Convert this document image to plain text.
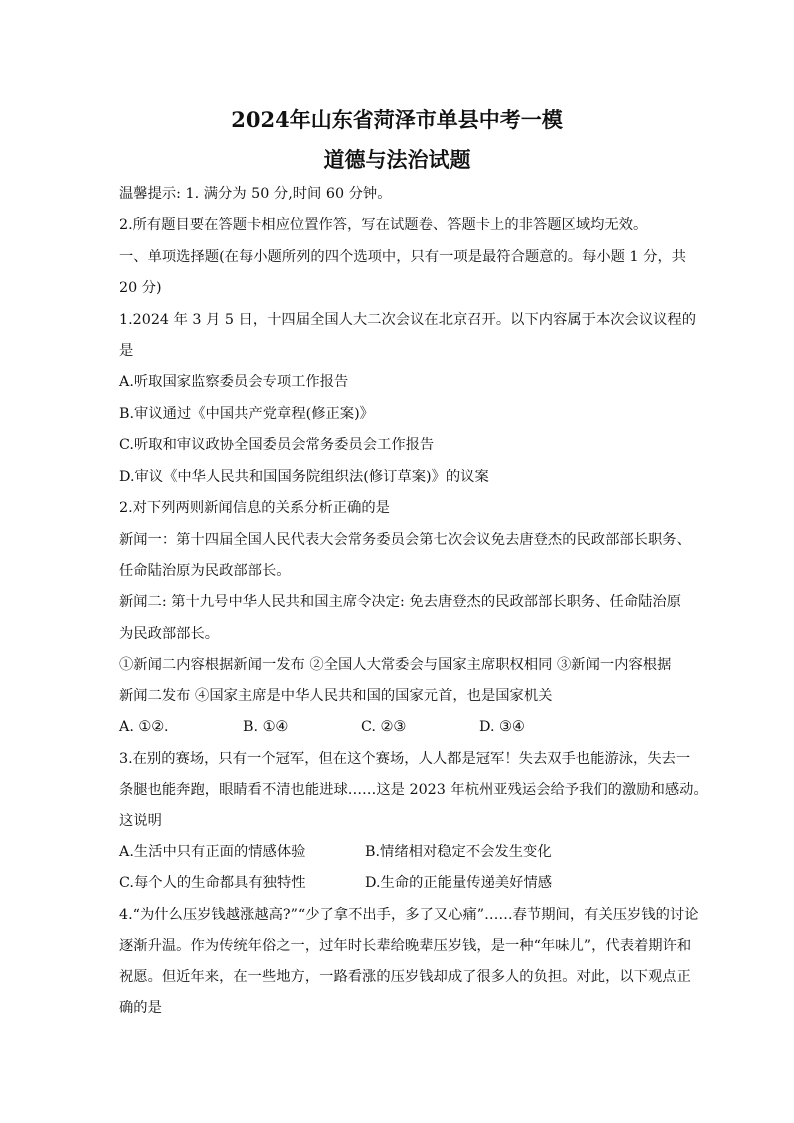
2024年山东省菏泽市单县中考一模
道德与法治试题
温馨提示: 1. 满分为 50 分,时间 60 分钟。
2.所有题目要在答题卡相应位置作答，写在试题卷、答题卡上的非答题区域均无效。
一、单项选择题(在每小题所列的四个选项中，只有一项是最符合题意的。每小题 1 分，共
20 分)
1.2024 年 3 月 5 日，十四届全国人大二次会议在北京召开。以下内容属于本次会议议程的
是
A.听取国家监察委员会专项工作报告
B.审议通过《中国共产党章程(修正案)》
C.听取和审议政协全国委员会常务委员会工作报告
D.审议《中华人民共和国国务院组织法(修订草案)》的议案
2.对下列两则新闻信息的关系分析正确的是
新闻一：第十四届全国人民代表大会常务委员会第七次会议免去唐登杰的民政部部长职务、
任命陆治原为民政部部长。
新闻二: 第十九号中华人民共和国主席令决定: 免去唐登杰的民政部部长职务、任命陆治原
为民政部部长。
①新闻二内容根据新闻一发布 ②全国人大常委会与国家主席职权相同 ③新闻一内容根据
新闻二发布 ④国家主席是中华人民共和国的国家元首，也是国家机关
A. ①②.	B. ①④	C. ②③	D. ③④
3.在别的赛场，只有一个冠军，但在这个赛场，人人都是冠军！失去双手也能游泳，失去一
条腿也能奔跑，眼睛看不清也能进球……这是 2023 年杭州亚残运会给予我们的激励和感动。
这说明
A.生活中只有正面的情感体验	B.情绪相对稳定不会发生变化
C.每个人的生命都具有独特性	D.生命的正能量传递美好情感
4.“为什么压岁钱越涨越高?”“少了拿不出手，多了又心痛”……春节期间，有关压岁钱的讨论
逐渐升温。作为传统年俗之一，过年时长辈给晚辈压岁钱，是一种“年味儿”，代表着期许和
祝愿。但近年来，在一些地方，一路看涨的压岁钱却成了很多人的负担。对此，以下观点正
确的是
